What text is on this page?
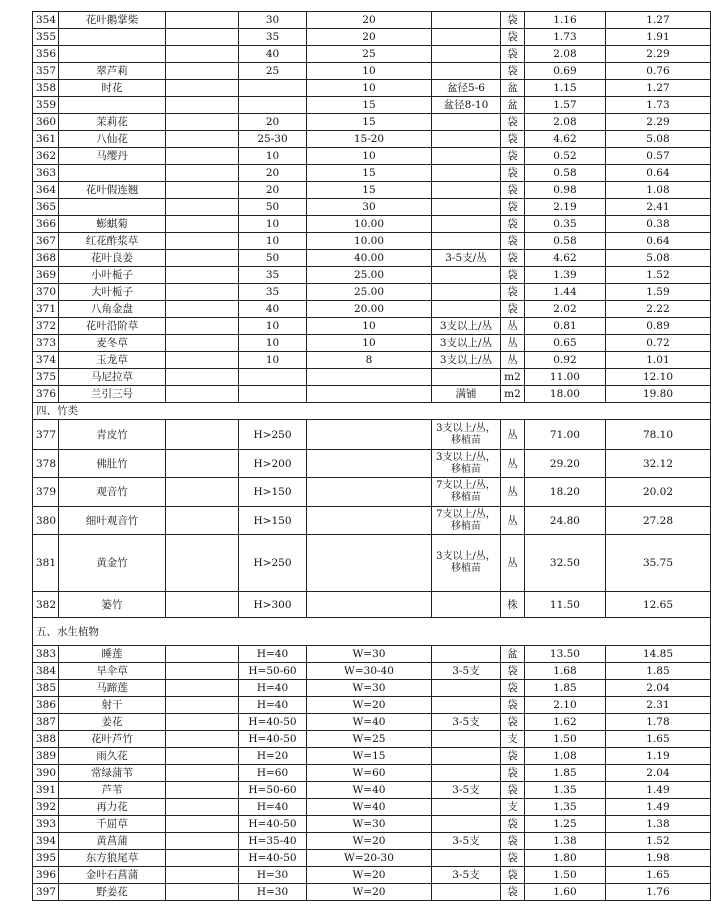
354	花叶鹅掌柴		30	20		袋	1.16	1.27
355			35	20		袋	1.73	1.91
356			40	25		袋	2.08	2.29
357	翠芦莉		25	10		袋	0.69	0.76
358	时花			10	盆径5-6	盆	1.15	1.27
359				15	盆径8-10	盆	1.57	1.73
360	茉莉花		20	15		袋	2.08	2.29
361	八仙花		25-30	15-20		袋	4.62	5.08
362	马缨丹		10	10		袋	0.52	0.57
363			20	15		袋	0.58	0.64
364	花叶假连翘		20	15		袋	0.98	1.08
365			50	30		袋	2.19	2.41
366	蟛蜞菊		10	10.00		袋	0.35	0.38
367	红花酢浆草		10	10.00		袋	0.58	0.64
368	花叶良姜		50	40.00	3-5支/丛	袋	4.62	5.08
369	小叶栀子		35	25.00		袋	1.39	1.52
370	大叶栀子		35	25.00		袋	1.44	1.59
371	八角金盘		40	20.00		袋	2.02	2.22
372	花叶沿阶草		10	10	3支以上/丛	丛	0.81	0.89
373	麦冬草		10	10	3支以上/丛	丛	0.65	0.72
374	玉龙草		10	8	3支以上/丛	丛	0.92	1.01
375	马尼拉草					m2	11.00	12.10
376	兰引三号				满铺	m2	18.00	19.80
四、竹类								
377	青皮竹		H>250		3支以上/丛，移植苗	丛	71.00	78.10
378	佛肚竹		H>200		3支以上/丛，移植苗	丛	29.20	32.12
379	观音竹		H>150		7支以上/丛，移植苗	丛	18.20	20.02
380	细叶观音竹		H>150		7支以上/丛，移植苗	丛	24.80	27.28
381	黄金竹		H>250		3支以上/丛，移植苗	丛	32.50	35.75
382	篓竹		H>300			株	11.50	12.65
五、水生植物								
383	睡莲		H=40	W=30		盆	13.50	14.85
384	旱伞草		H=50-60	W=30-40	3-5支	袋	1.68	1.85
385	马蹄莲		H=40	W=30		袋	1.85	2.04
386	射干		H=40	W=20		袋	2.10	2.31
387	姜花		H=40-50	W=40	3-5支	袋	1.62	1.78
388	花叶芦竹		H=40-50	W=25		支	1.50	1.65
389	雨久花		H=20	W=15		袋	1.08	1.19
390	常绿蒲苇		H=60	W=60		袋	1.85	2.04
391	芦苇		H=50-60	W=40	3-5支	袋	1.35	1.49
392	再力花		H=40	W=40		支	1.35	1.49
393	千屈草		H=40-50	W=30		袋	1.25	1.38
394	黄菖蒲		H=35-40	W=20	3-5支	袋	1.38	1.52
395	东方狼尾草		H=40-50	W=20-30		袋	1.80	1.98
396	金叶石菖蒲		H=30	W=20	3-5支	袋	1.50	1.65
397	野姜花		H=30	W=20		袋	1.60	1.76
